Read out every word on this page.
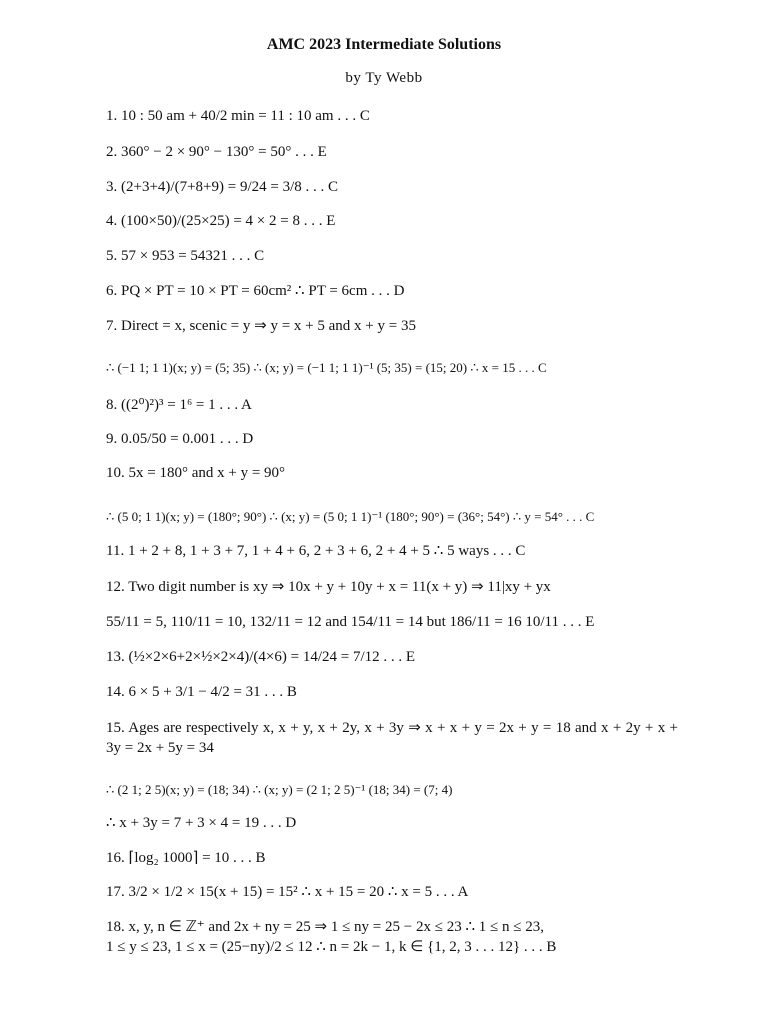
AMC 2023 Intermediate Solutions
by Ty Webb
1. 10 : 50 am + 40/2 min = 11 : 10 am . . . C
2. 360° − 2 × 90° − 130° = 50° . . . E
3. (2+3+4)/(7+8+9) = 9/24 = 3/8 . . . C
4. (100×50)/(25×25) = 4 × 2 = 8 . . . E
5. 57 × 953 = 54321 . . . C
6. PQ × PT = 10 × PT = 60cm² ∴ PT = 6cm . . . D
7. Direct = x, scenic = y ⇒ y = x + 5 and x + y = 35
∴ (−1 1; 1 1)(x; y) = (5; 35) ∴ (x; y) = (−1 1; 1 1)⁻¹ (5; 35) = (15; 20) ∴ x = 15 . . . C
8. ((2⁰)²)³ = 1⁶ = 1 . . . A
9. 0.05/50 = 0.001 . . . D
10. 5x = 180° and x + y = 90°
∴ (5 0; 1 1)(x; y) = (180°; 90°) ∴ (x; y) = (5 0; 1 1)⁻¹ (180°; 90°) = (36°; 54°) ∴ y = 54° . . . C
11. 1 + 2 + 8, 1 + 3 + 7, 1 + 4 + 6, 2 + 3 + 6, 2 + 4 + 5 ∴ 5 ways . . . C
12. Two digit number is xy ⇒ 10x + y + 10y + x = 11(x + y) ⇒ 11|xy + yx
55/11 = 5, 110/11 = 10, 132/11 = 12 and 154/11 = 14 but 186/11 = 16 10/11 . . . E
13. (½×2×6+2×½×2×4)/(4×6) = 14/24 = 7/12 . . . E
14. 6 × 5 + 3/1 − 4/2 = 31 . . . B
15. Ages are respectively x, x + y, x + 2y, x + 3y ⇒ x + x + y = 2x + y = 18 and x + 2y + x + 3y = 2x + 5y = 34
∴ (2 1; 2 5)(x; y) = (18; 34) ∴ (x; y) = (2 1; 2 5)⁻¹ (18; 34) = (7; 4)
∴ x + 3y = 7 + 3 × 4 = 19 . . . D
16. ⌈log₂ 1000⌉ = 10 . . . B
17. 3/2 × 1/2 × 15(x + 15) = 15² ∴ x + 15 = 20 ∴ x = 5 . . . A
18. x, y, n ∈ ℤ⁺ and 2x + ny = 25 ⇒ 1 ≤ ny = 25 − 2x ≤ 23 ∴ 1 ≤ n ≤ 23,
1 ≤ y ≤ 23, 1 ≤ x = (25−ny)/2 ≤ 12 ∴ n = 2k − 1, k ∈ {1, 2, 3 . . . 12} . . . B
